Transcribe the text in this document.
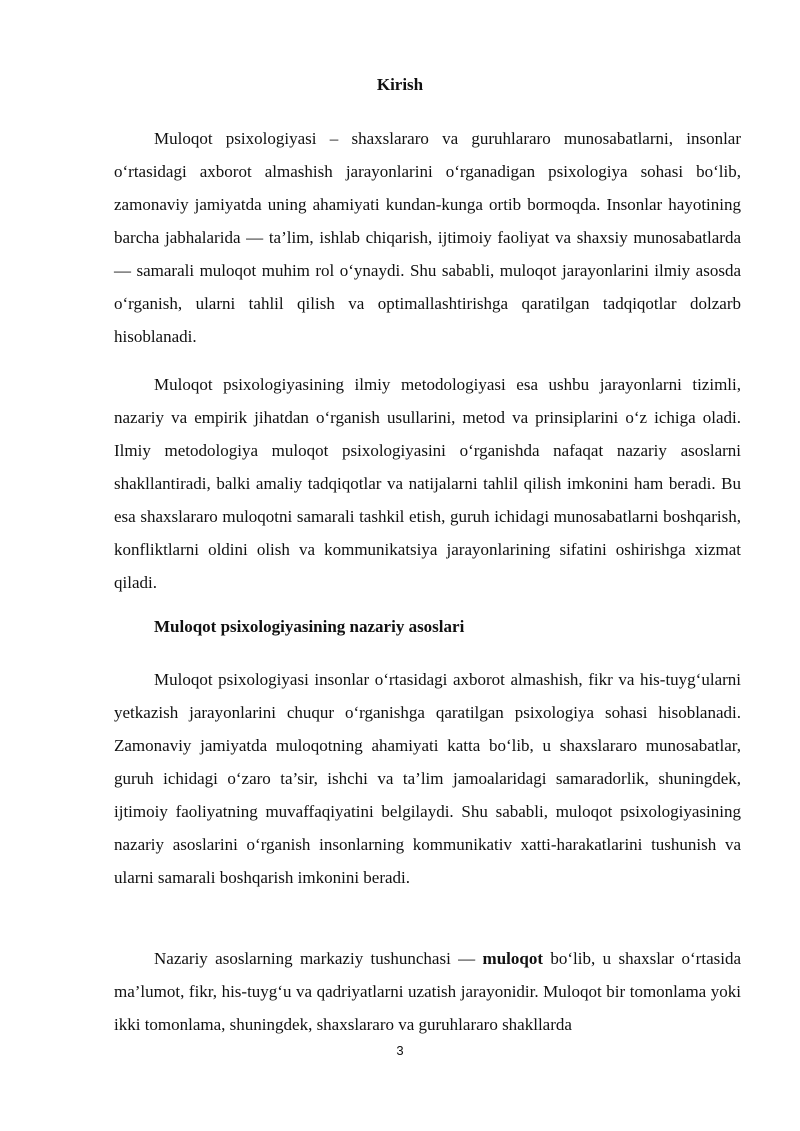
Kirish

Muloqot psixologiyasi – shaxslararo va guruhlararo munosabatlarni, insonlar o‘rtasidagi axborot almashish jarayonlarini o‘rganadigan psixologiya sohasi bo‘lib, zamonaviy jamiyatda uning ahamiyati kundan-kunga ortib bormoqda. Insonlar hayotining barcha jabhalarida — ta’lim, ishlab chiqarish, ijtimoiy faoliyat va shaxsiy munosabatlarda — samarali muloqot muhim rol o‘ynaydi. Shu sababli, muloqot jarayonlarini ilmiy asosda o‘rganish, ularni tahlil qilish va optimallashtirishga qaratilgan tadqiqotlar dolzarb hisoblanadi.

Muloqot psixologiyasining ilmiy metodologiyasi esa ushbu jarayonlarni tizimli, nazariy va empirik jihatdan o‘rganish usullarini, metod va prinsiplarini o‘z ichiga oladi. Ilmiy metodologiya muloqot psixologiyasini o‘rganishda nafaqat nazariy asoslarni shakllantiradi, balki amaliy tadqiqotlar va natijalarni tahlil qilish imkonini ham beradi. Bu esa shaxslararo muloqotni samarali tashkil etish, guruh ichidagi munosabatlarni boshqarish, konfliktlarni oldini olish va kommunikatsiya jarayonlarining sifatini oshirishga xizmat qiladi.

Muloqot psixologiyasining nazariy asoslari

Muloqot psixologiyasi insonlar o‘rtasidagi axborot almashish, fikr va his-tuyg‘ularni yetkazish jarayonlarini chuqur o‘rganishga qaratilgan psixologiya sohasi hisoblanadi. Zamonaviy jamiyatda muloqotning ahamiyati katta bo‘lib, u shaxslararo munosabatlar, guruh ichidagi o‘zaro ta’sir, ishchi va ta’lim jamoalaridagi samaradorlik, shuningdek, ijtimoiy faoliyatning muvaffaqiyatini belgilaydi. Shu sababli, muloqot psixologiyasining nazariy asoslarini o‘rganish insonlarning kommunikativ xatti-harakatlarini tushunish va ularni samarali boshqarish imkonini beradi.

Nazariy asoslarning markaziy tushunchasi — muloqot bo‘lib, u shaxslar o‘rtasida ma’lumot, fikr, his-tuyg‘u va qadriyatlarni uzatish jarayonidir. Muloqot bir tomonlama yoki ikki tomonlama, shuningdek, shaxslararo va guruhlararo shakllarda

3
